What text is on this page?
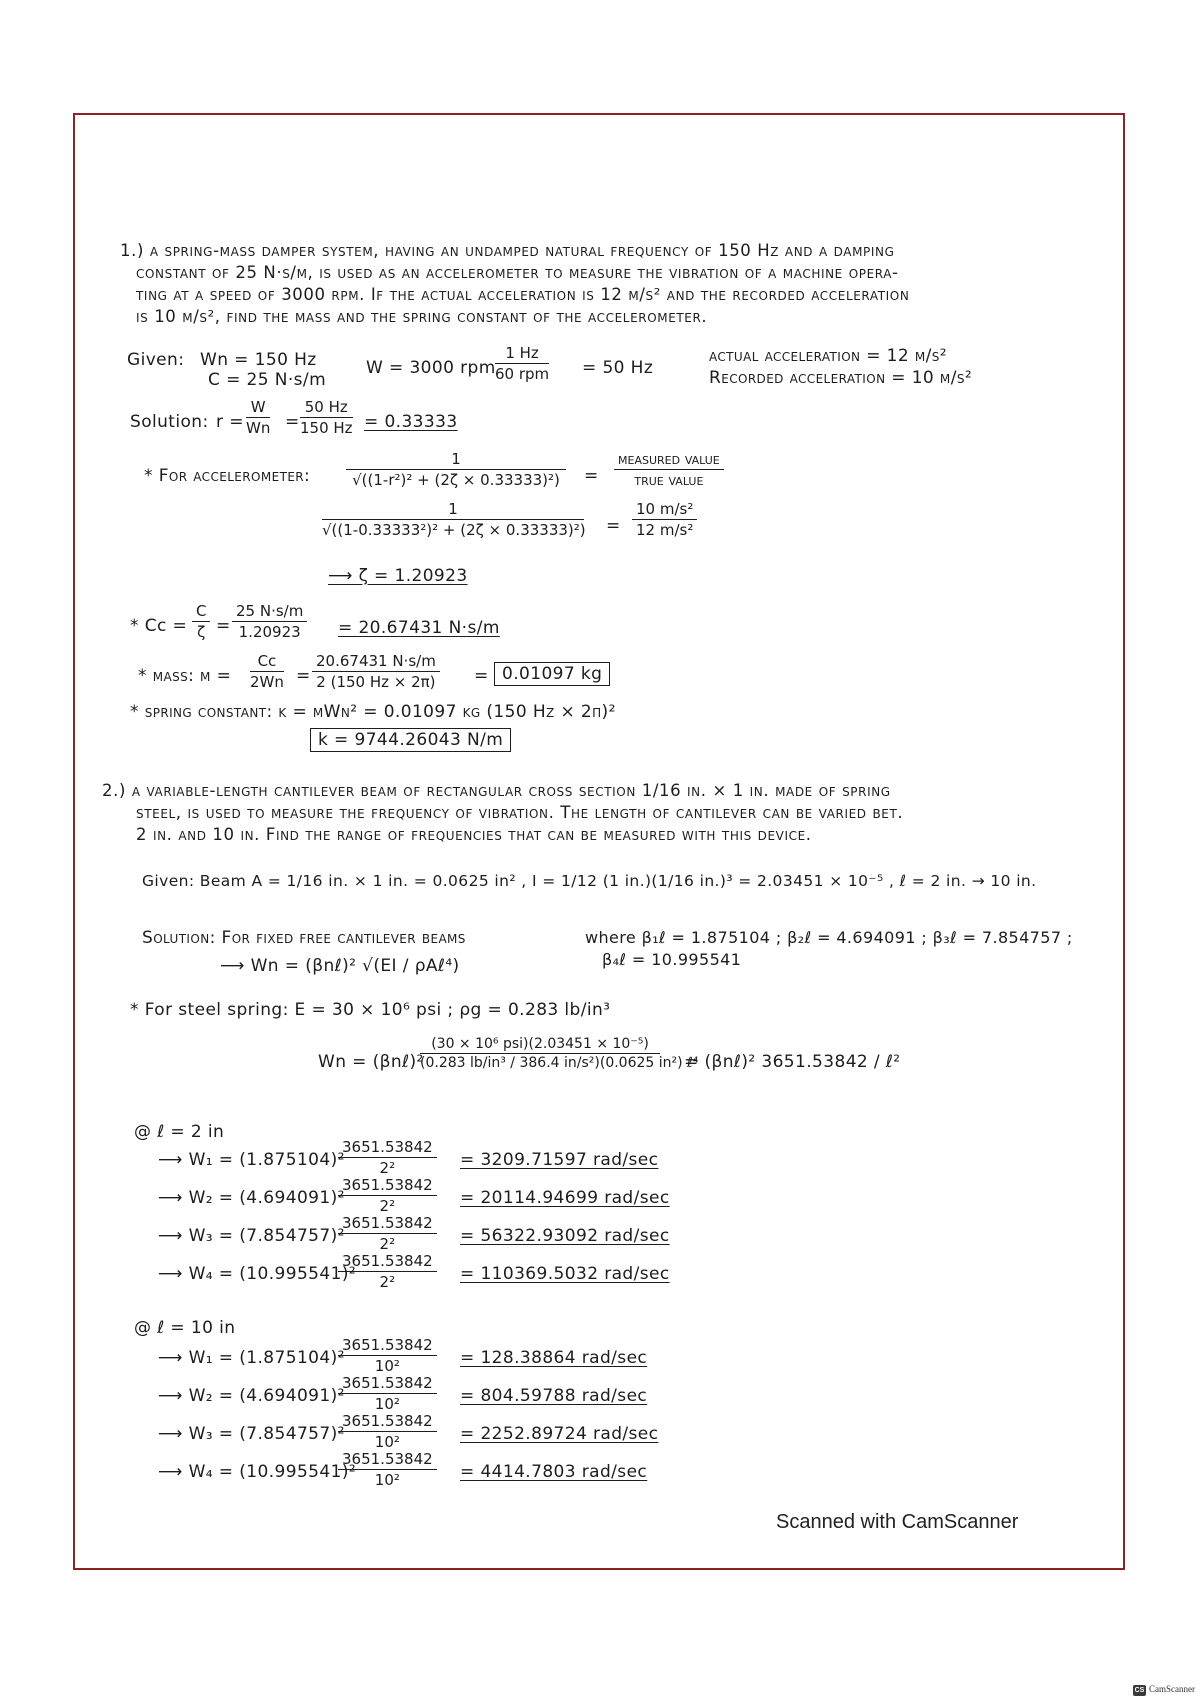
1.) a spring-mass damper system, having an undamped natural frequency of 150 Hz and a damping
constant of 25 N·s/m, is used as an accelerometer to measure the vibration of a machine opera-
ting at a speed of 3000 rpm. If the actual acceleration is 12 m/s² and the recorded acceleration
is 10 m/s², find the mass and the spring constant of the accelerometer.
Given: Wn = 150 Hz
C = 25 N·s/m
W = 3000 rpm
1 Hz
60 rpm = 50 Hz
actual acceleration = 12 m/s²
Recorded acceleration = 10 m/s²
Solution: $r = \frac{W}{Wn} = \frac{50 Hz}{150 Hz} = 0.33333$
* For accelerometer: $\frac{1}{\text{√((1-r²)² + (2ζ × 0.33333)²)}}$ =
measured value
true value
$\frac{1}{\text{√((1-0.33333²)² + (2ζ × 0.33333)²)}} = \frac{\text{10 m/s²}}{\text{12 m/s²}}$
⟶ ζ = 1.20923
* $Cc = \frac{C}{\zeta} = \frac{25 N\cdot s/m}{1.20923} = 20.67431$ N·s/m
* mass: $m = \frac{Cc}{2Wn} = \frac{20.67431 N\cdot s/m}{2 (150 Hz \times 2\pi)} = 0.01097$ kg
* spring constant: k = mWn² = 0.01097 kg (150 Hz × 2π)²
k = 9744.26043 N/m
2.) a variable-length cantilever beam of rectangular cross section 1/16 in. × 1 in. made of spring
steel, is used to measure the frequency of vibration. The length of cantilever can be varied bet.
2 in. and 10 in. Find the range of frequencies that can be measured with this device.
Given: Beam A = 1/16 in. × 1 in. = 0.0625 in² , I = 1/12 (1 in.)(1/16 in.)³ = 2.03451 × 10⁻⁵ , ℓ = 2 in. → 10 in.
Solution: For fixed free cantilever beams	where β₁ℓ = 1.875104 ; β₂ℓ = 4.694091 ; β₃ℓ = 7.854757 ;
β₄ℓ = 10.995541
⟶ Wn = (βnℓ)² √(EI / ρAℓ⁴)
* For steel spring: E = 30 × 10⁶ psi ; ρg = 0.283 lb/in³
Wn = (βnℓ)²
(30 × 10⁶ psi)(2.03451 × 10⁻⁵)
(0.283 lb/in³ / 386.4 in/s²)(0.0625 in²) ℓ⁴
= (βnℓ)² 3651.53842 / ℓ²
@ ℓ = 2 in
⟶ W₁ = (1.875104)²
$\frac{3651.53842}{\text{2²}} = 3209.71597$ rad/sec
⟶ W₂ = (4.694091)²
$\frac{3651.53842}{\text{2²}} = 20114.94699$ rad/sec
⟶ W₃ = (7.854757)²
$\frac{3651.53842}{\text{2²}} = 56322.93092$ rad/sec
⟶ W₄ = (10.995541)²
$\frac{3651.53842}{\text{2²}} = 110369.5032$ rad/sec
@ ℓ = 10 in
⟶ W₁ = (1.875104)²
$\frac{3651.53842}{\text{10²}} = 128.38864$ rad/sec
⟶ W₂ = (4.694091)²
$\frac{3651.53842}{\text{10²}} = 804.59788$ rad/sec
⟶ W₃ = (7.854757)²
$\frac{3651.53842}{\text{10²}} = 2252.89724$ rad/sec
⟶ W₄ = (10.995541)²
$\frac{3651.53842}{\text{10²}} = 4414.7803$ rad/sec
Scanned with CamScanner
CS CamScanner
